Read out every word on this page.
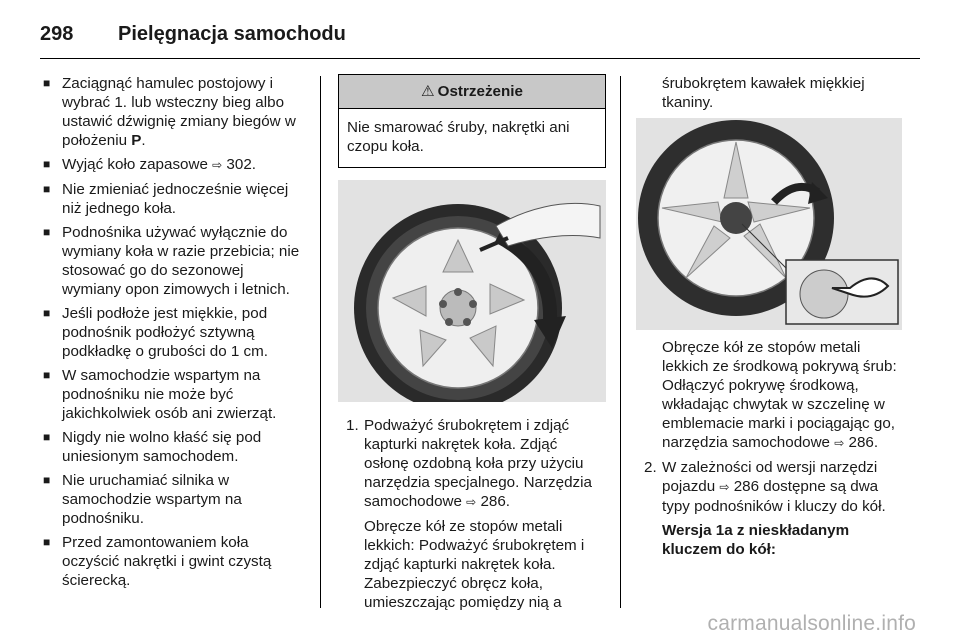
298	Pielęgnacja samochodu
■ Zaciągnąć hamulec postojowy i wybrać 1. lub wsteczny bieg albo ustawić dźwignię zmiany biegów w położeniu P.
■ Wyjąć koło zapasowe ⇨ 302.
■ Nie zmieniać jednocześnie więcej niż jednego koła.
■ Podnośnika używać wyłącznie do wymiany koła w razie przebicia; nie stosować go do sezonowej wymiany opon zimowych i letnich.
■ Jeśli podłoże jest miękkie, pod podnośnik podłożyć sztywną podkładkę o grubości do 1 cm.
■ W samochodzie wspartym na podnośniku nie może być jakichkolwiek osób ani zwierząt.
■ Nigdy nie wolno kłaść się pod uniesionym samochodem.
■ Nie uruchamiać silnika w samochodzie wspartym na podnośniku.
■ Przed zamontowaniem koła oczyścić nakrętki i gwint czystą ścierecką.
⚠ Ostrzeżenie
Nie smarować śruby, nakrętki ani czopu koła.
1. Podważyć śrubokrętem i zdjąć kapturki nakrętek koła. Zdjąć osłonę ozdobną koła przy użyciu narzędzia specjalnego. Narzędzia samochodowe ⇨ 286.
Obręcze kół ze stopów metali lekkich: Podważyć śrubokrętem i zdjąć kapturki nakrętek koła. Zabezpieczyć obręcz koła, umieszczając pomiędzy nią a
śrubokrętem kawałek miękkiej tkaniny.
Obręcze kół ze stopów metali lekkich ze środkową pokrywą śrub: Odłączyć pokrywę środkową, wkładając chwytak w szczelinę w emblemacie marki i pociągając go, narzędzia samochodowe ⇨ 286.
2. W zależności od wersji narzędzi pojazdu ⇨ 286 dostępne są dwa typy podnośników i kluczy do kół.
Wersja 1a z nieskładanym kluczem do kół:
carmanualsonline.info
